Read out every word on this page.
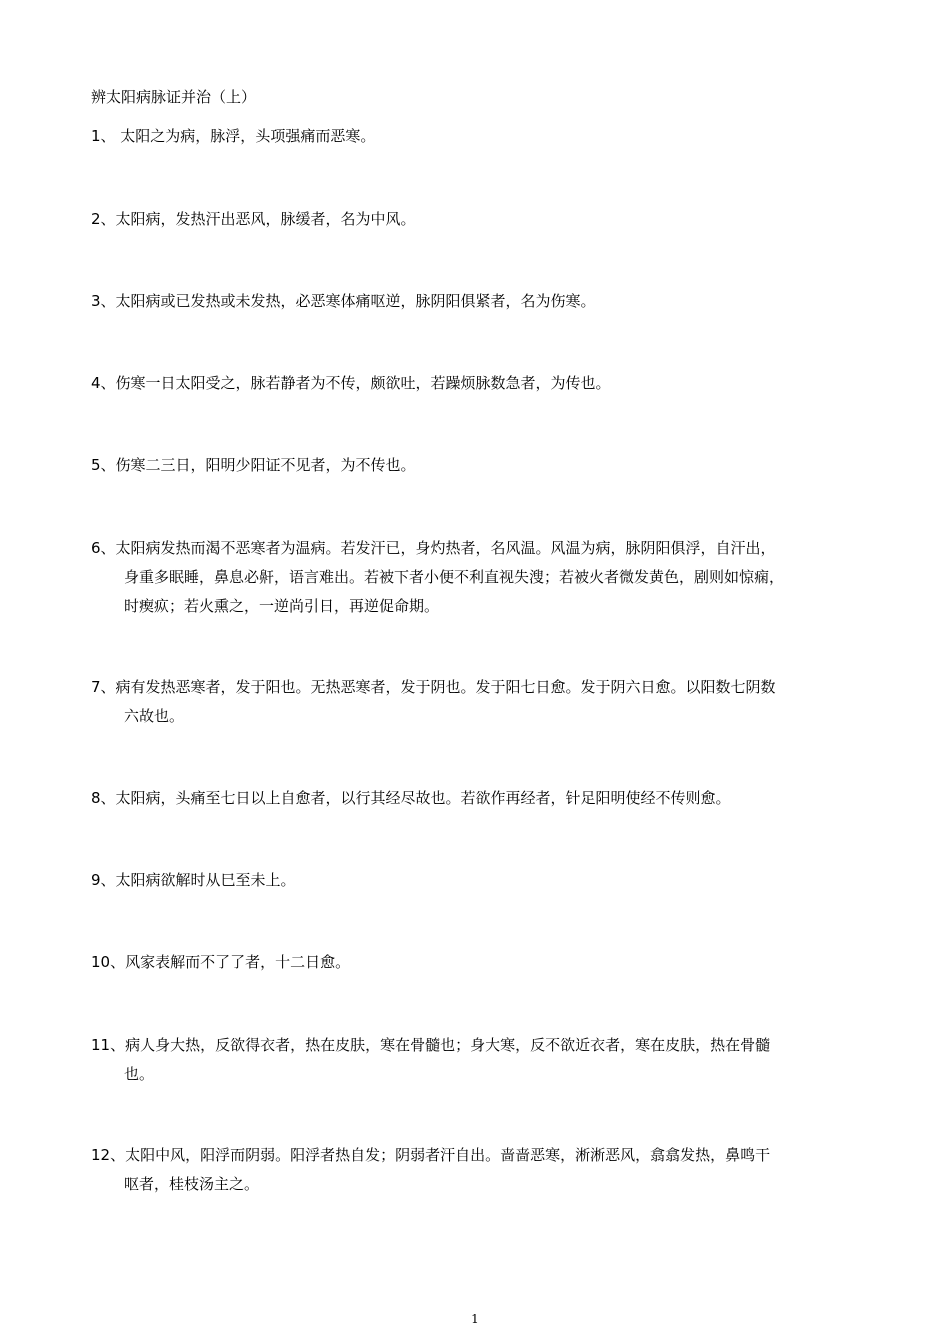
辨太阳病脉证并治（上）
1、 太阳之为病，脉浮，头项强痛而恶寒。
2、太阳病，发热汗出恶风，脉缓者，名为中风。
3、太阳病或已发热或未发热，必恶寒体痛呕逆，脉阴阳俱紧者，名为伤寒。
4、伤寒一日太阳受之，脉若静者为不传，颇欲吐，若躁烦脉数急者，为传也。
5、伤寒二三日，阳明少阳证不见者，为不传也。
6、太阳病发热而渴不恶寒者为温病。若发汗已，身灼热者，名风温。风温为病，脉阴阳俱浮，自汗出，
身重多眠睡，鼻息必鼾，语言难出。若被下者小便不利直视失溲；若被火者微发黄色，剧则如惊痫，
时瘈疭；若火熏之，一逆尚引日，再逆促命期。
7、病有发热恶寒者，发于阳也。无热恶寒者，发于阴也。发于阳七日愈。发于阴六日愈。以阳数七阴数
六故也。
8、太阳病，头痛至七日以上自愈者，以行其经尽故也。若欲作再经者，针足阳明使经不传则愈。
9、太阳病欲解时从巳至未上。
10、风家表解而不了了者，十二日愈。
11、病人身大热，反欲得衣者，热在皮肤，寒在骨髓也；身大寒，反不欲近衣者，寒在皮肤，热在骨髓
也。
12、太阳中风，阳浮而阴弱。阳浮者热自发；阴弱者汗自出。啬啬恶寒，淅淅恶风，翕翕发热，鼻鸣干
呕者，桂枝汤主之。
1
